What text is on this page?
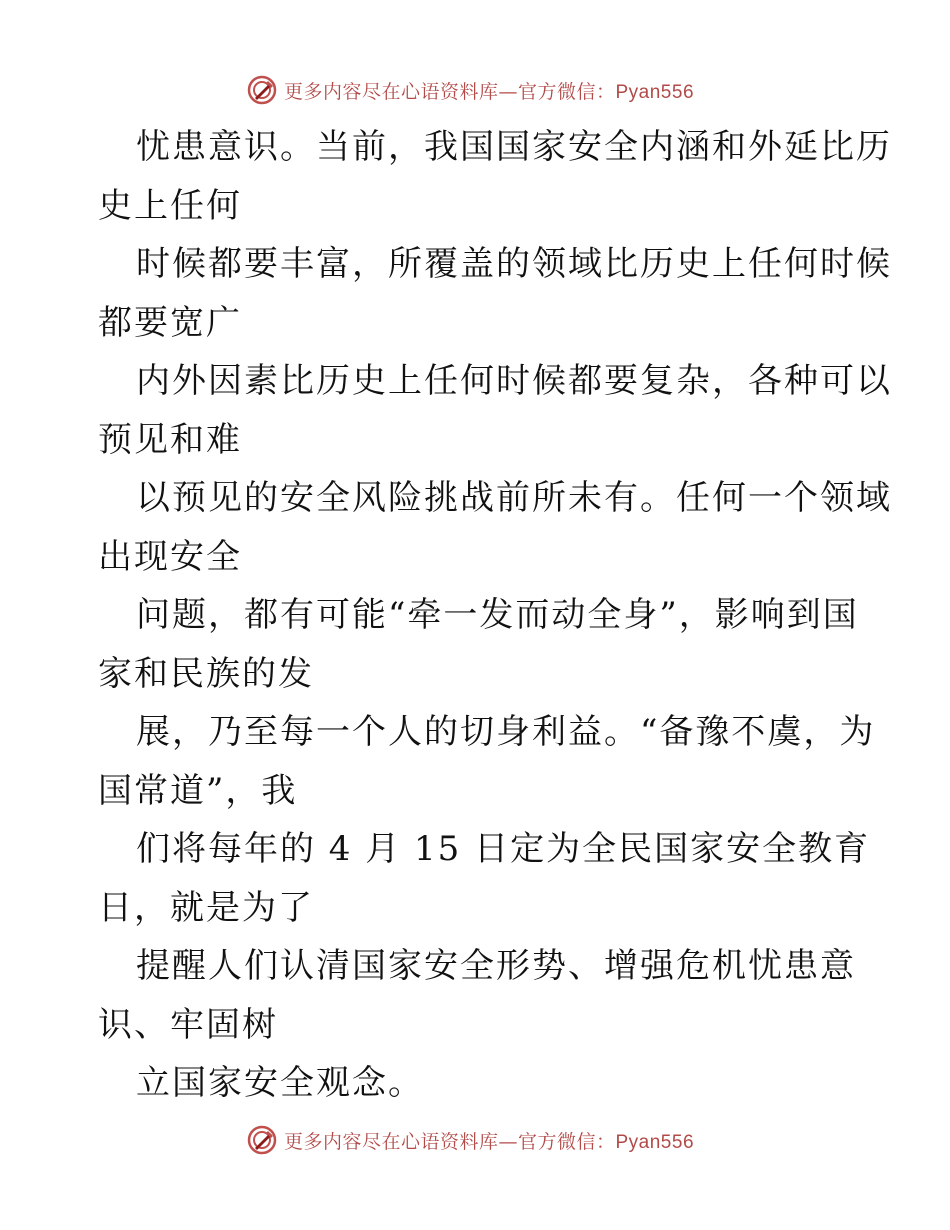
更多内容尽在心语资料库—官方微信：Pyan556
忧患意识。当前，我国国家安全内涵和外延比历
史上任何
时候都要丰富，所覆盖的领域比历史上任何时候
都要宽广
内外因素比历史上任何时候都要复杂，各种可以
预见和难
以预见的安全风险挑战前所未有。任何一个领域
出现安全
问题，都有可能“牵一发而动全身”，影响到国
家和民族的发
展，乃至每一个人的切身利益。“备豫不虞，为
国常道”，我
们将每年的 4 月 15 日定为全民国家安全教育
日，就是为了
提醒人们认清国家安全形势、增强危机忧患意
识、牢固树
立国家安全观念。
更多内容尽在心语资料库—官方微信：Pyan556
